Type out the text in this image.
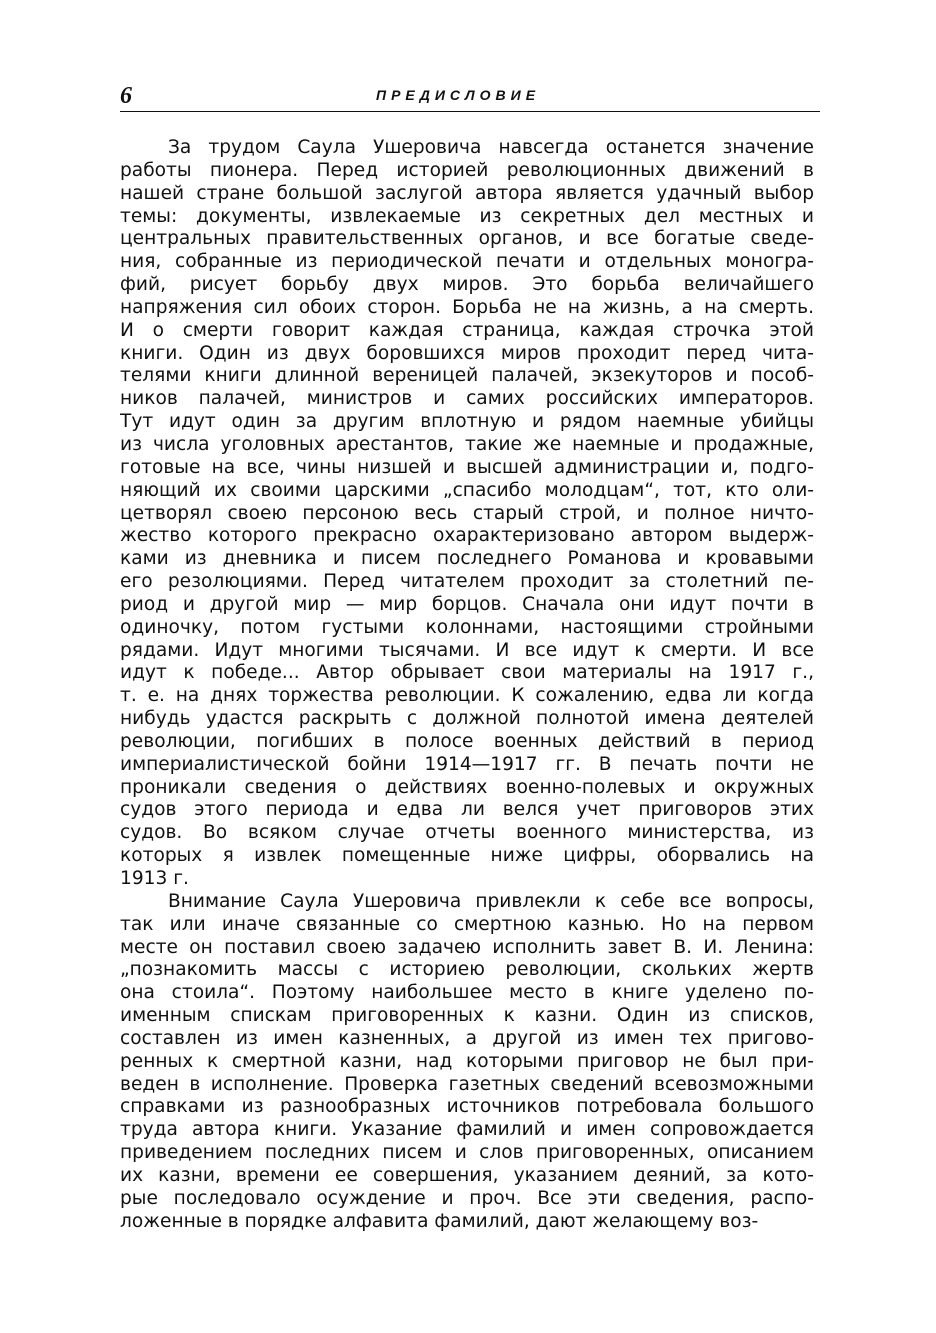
6	ПРЕДИСЛОВИЕ
За трудом Саула Ушеровича навсегда останется значение
работы пионера. Перед историей революционных движений в
нашей стране большой заслугой автора является удачный выбор
темы: документы, извлекаемые из секретных дел местных и
центральных правительственных органов, и все богатые сведе-
ния, собранные из периодической печати и отдельных моногра-
фий, рисует борьбу двух миров. Это борьба величайшего
напряжения сил обоих сторон. Борьба не на жизнь, а на смерть.
И о смерти говорит каждая страница, каждая строчка этой
книги. Один из двух боровшихся миров проходит перед чита-
телями книги длинной вереницей палачей, экзекуторов и пособ-
ников палачей, министров и самих российских императоров.
Тут идут один за другим вплотную и рядом наемные убийцы
из числа уголовных арестантов, такие же наемные и продажные,
готовые на все, чины низшей и высшей администрации и, подго-
няющий их своими царскими „спасибо молодцам“, тот, кто оли-
цетворял своею персоною весь старый строй, и полное ничто-
жество которого прекрасно охарактеризовано автором выдерж-
ками из дневника и писем последнего Романова и кровавыми
его резолюциями. Перед читателем проходит за столетний пе-
риод и другой мир — мир борцов. Сначала они идут почти в
одиночку, потом густыми колоннами, настоящими стройными
рядами. Идут многими тысячами. И все идут к смерти. И все
идут к победе... Автор обрывает свои материалы на 1917 г.,
т. е. на днях торжества революции. К сожалению, едва ли когда
нибудь удастся раскрыть с должной полнотой имена деятелей
революции, погибших в полосе военных действий в период
империалистической бойни 1914—1917 гг. В печать почти не
проникали сведения о действиях военно-полевых и окружных
судов этого периода и едва ли велся учет приговоров этих
судов. Во всяком случае отчеты военного министерства, из
которых я извлек помещенные ниже цифры, оборвались на
1913 г.
Внимание Саула Ушеровича привлекли к себе все вопросы,
так или иначе связанные со смертною казнью. Но на первом
месте он поставил своею задачею исполнить завет В. И. Ленина:
„познакомить массы с историею революции, скольких жертв
она стоила“. Поэтому наибольшее место в книге уделено по-
именным спискам приговоренных к казни. Один из списков,
составлен из имен казненных, а другой из имен тех пригово-
ренных к смертной казни, над которыми приговор не был при-
веден в исполнение. Проверка газетных сведений всевозможными
справками из разнообразных источников потребовала большого
труда автора книги. Указание фамилий и имен сопровождается
приведением последних писем и слов приговоренных, описанием
их казни, времени ее совершения, указанием деяний, за кото-
рые последовало осуждение и проч. Все эти сведения, распо-
ложенные в порядке алфавита фамилий, дают желающему воз-
